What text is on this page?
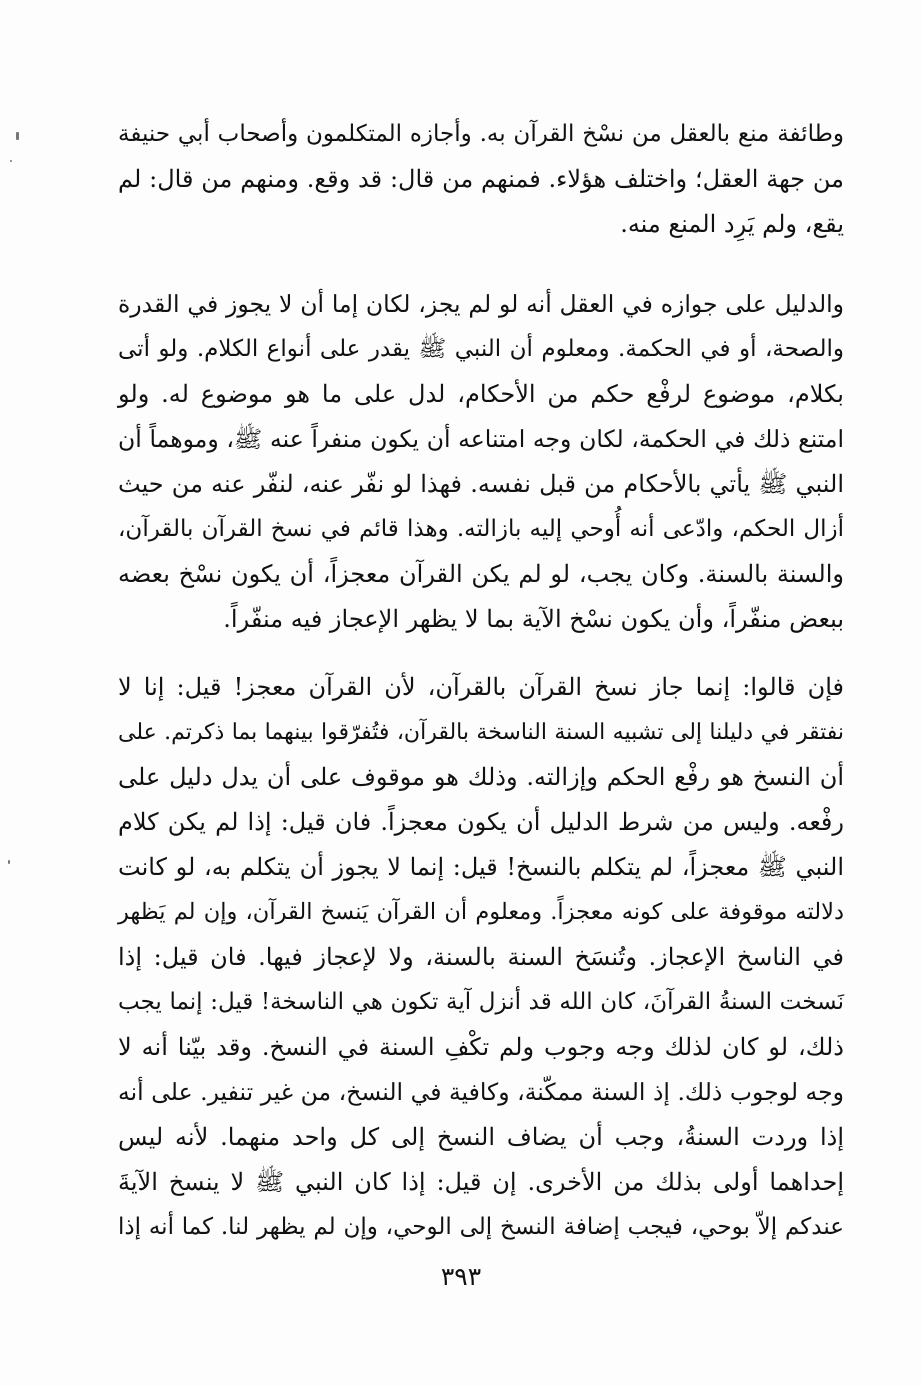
وطائفة منع بالعقل من نسْخ القرآن به. وأجازه المتكلمون وأصحاب أبي حنيفة
من جهة العقل؛ واختلف هؤلاء. فمنهم من قال: قد وقع. ومنهم من قال: لم
يقع، ولم يَرِد المنع منه.
والدليل على جوازه في العقل أنه لو لم يجز، لكان إما أن لا يجوز في القدرة
والصحة، أو في الحكمة. ومعلوم أن النبي ﷺ يقدر على أنواع الكلام. ولو أتى
بكلام، موضوع لرفْع حكم من الأحكام، لدل على ما هو موضوع له. ولو
امتنع ذلك في الحكمة، لكان وجه امتناعه أن يكون منفراً عنه ﷺ، وموهماً أن
النبي ﷺ يأتي بالأحكام من قبل نفسه. فهذا لو نفّر عنه، لنفّر عنه من حيث
أزال الحكم، وادّعى أنه أُوحي إليه بازالته. وهذا قائم في نسخ القرآن بالقرآن،
والسنة بالسنة. وكان يجب، لو لم يكن القرآن معجزاً، أن يكون نسْخ بعضه
ببعض منفّراً، وأن يكون نسْخ الآية بما لا يظهر الإعجاز فيه منفّراً.
فإن قالوا: إنما جاز نسخ القرآن بالقرآن، لأن القرآن معجز! قيل: إنا لا
نفتقر في دليلنا إلى تشبيه السنة الناسخة بالقرآن، فتُفرّقوا بينهما بما ذكرتم. على
أن النسخ هو رفْع الحكم وإزالته. وذلك هو موقوف على أن يدل دليل على
رفْعه. وليس من شرط الدليل أن يكون معجزاً. فان قيل: إذا لم يكن كلام
النبي ﷺ معجزاً، لم يتكلم بالنسخ! قيل: إنما لا يجوز أن يتكلم به، لو كانت
دلالته موقوفة على كونه معجزاً. ومعلوم أن القرآن يَنسخ القرآن، وإن لم يَظهر
في الناسخ الإعجاز. وتُنسَخ السنة بالسنة، ولا لإعجاز فيها. فان قيل: إذا
نَسخت السنةُ القرآنَ، كان الله قد أنزل آية تكون هي الناسخة! قيل: إنما يجب
ذلك، لو كان لذلك وجه وجوب ولم تكْفِ السنة في النسخ. وقد بيّنا أنه لا
وجه لوجوب ذلك. إذ السنة ممكّنة، وكافية في النسخ، من غير تنفير. على أنه
إذا وردت السنةُ، وجب أن يضاف النسخ إلى كل واحد منهما. لأنه ليس
إحداهما أولى بذلك من الأخرى. إن قيل: إذا كان النبي ﷺ لا ينسخ الآيةَ
عندكم إلاّ بوحي، فيجب إضافة النسخ إلى الوحي، وإن لم يظهر لنا. كما أنه إذا
٣٩٣
